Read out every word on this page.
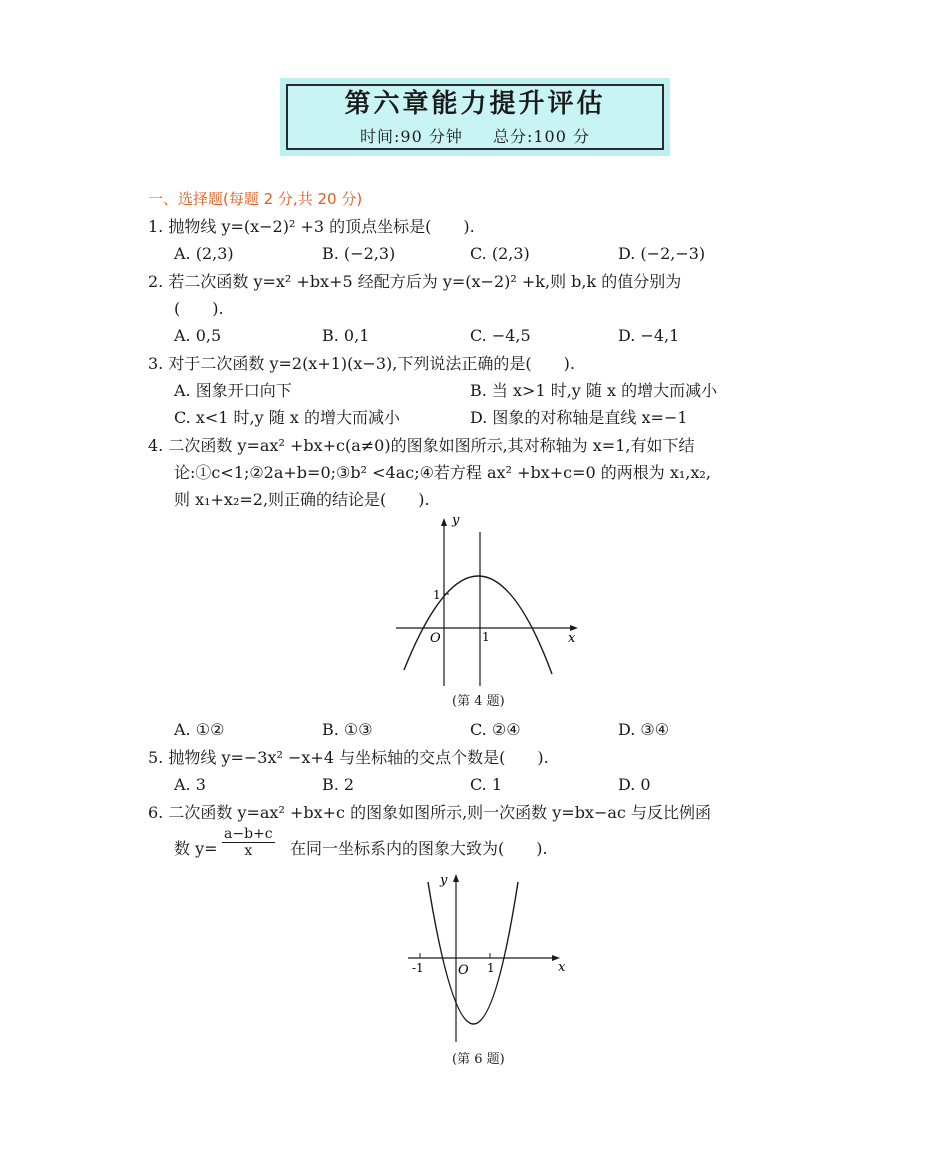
第六章能力提升评估
时间:90 分钟 总分:100 分
一、选择题(每题 2 分,共 20 分)
1. 抛物线 y=(x−2)² +3 的顶点坐标是(　　).
A. (2,3)	B. (−2,3)	C. (2,3)	D. (−2,−3)
2. 若二次函数 y=x² +bx+5 经配方后为 y=(x−2)² +k,则 b,k 的值分别为
(　　).
A. 0,5	B. 0,1	C. −4,5	D. −4,1
3. 对于二次函数 y=2(x+1)(x−3),下列说法正确的是(　　).
A. 图象开口向下	B. 当 x>1 时,y 随 x 的增大而减小
C. x<1 时,y 随 x 的增大而减小	D. 图象的对称轴是直线 x=−1
4. 二次函数 y=ax² +bx+c(a≠0)的图象如图所示,其对称轴为 x=1,有如下结
论:①c<1;②2a+b=0;③b² <4ac;④若方程 ax² +bx+c=0 的两根为 x₁,x₂,
则 x₁+x₂=2,则正确的结论是(　　).
y
x
O	1
1
(第 4 题)
A. ①②	B. ①③	C. ②④	D. ③④
5. 抛物线 y=−3x² −x+4 与坐标轴的交点个数是(　　).
A. 3	B. 2	C. 1	D. 0
6. 二次函数 y=ax² +bx+c 的图象如图所示,则一次函数 y=bx−ac 与反比例函
数 $y= \frac{a-b+c}{x}$ 在同一坐标系内的图象大致为(　　).
y
x
O 1
-1
(第 6 题)
